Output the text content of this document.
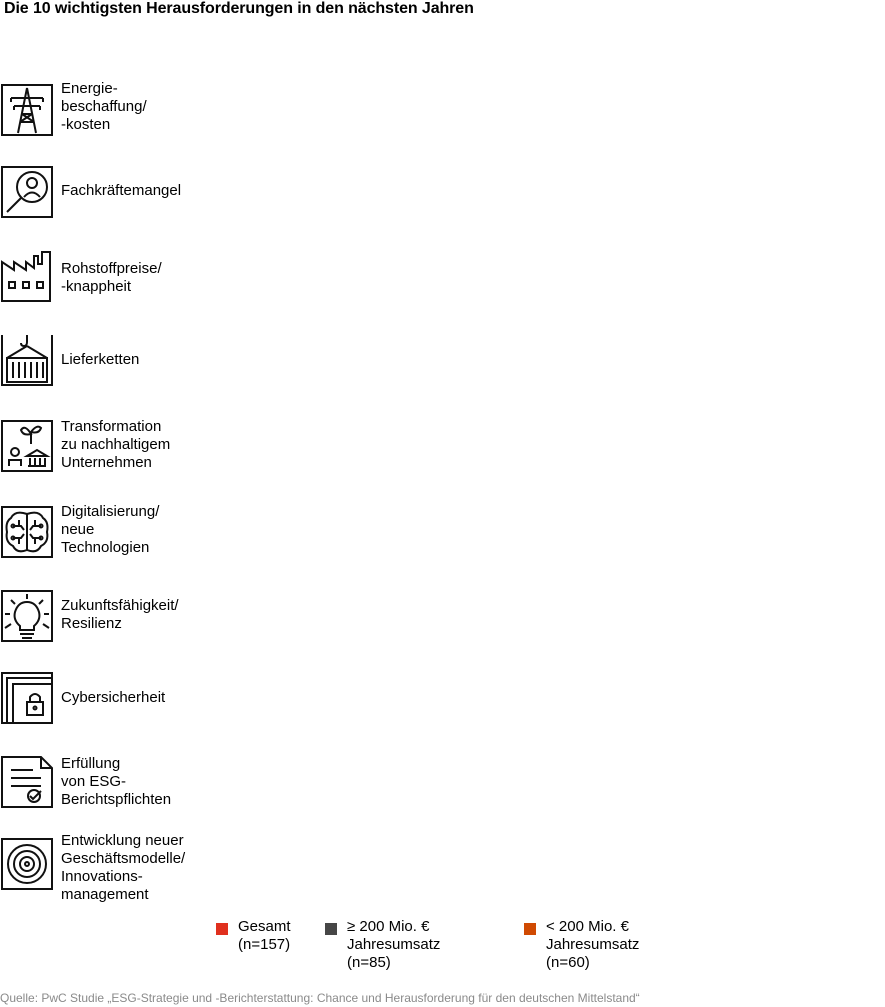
Die 10 wichtigsten Herausforderungen in den nächsten Jahren
Energie-
beschaffung/
-kosten
Fachkräftemangel
Rohstoffpreise/
-knappheit
Lieferketten
Transformation
zu nachhaltigem
Unternehmen
Digitalisierung/
neue
Technologien
Zukunftsfähigkeit/
Resilienz
Cybersicherheit
Erfüllung
von ESG-
Berichtspflichten
Entwicklung neuer
Geschäftsmodelle/
Innovations-
management
Gesamt
(n=157)
≥ 200 Mio. €
Jahresumsatz (n=85)
< 200 Mio. €
Jahresumsatz (n=60)
Quelle: PwC Studie „ESG-Strategie und -Berichterstattung: Chance und Herausforderung für den deutschen Mittelstand“
